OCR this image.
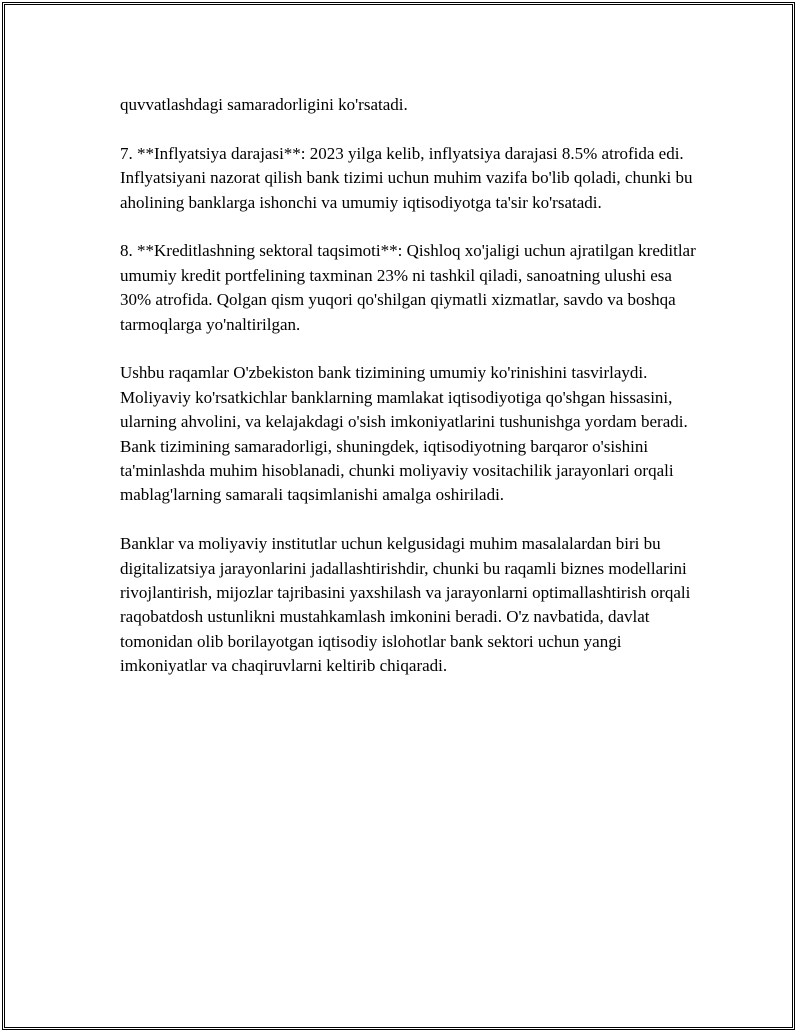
quvvatlashdagi samaradorligini ko'rsatadi.

7. **Inflyatsiya darajasi**: 2023 yilga kelib, inflyatsiya darajasi 8.5% atrofida edi. Inflyatsiyani nazorat qilish bank tizimi uchun muhim vazifa bo'lib qoladi, chunki bu aholining banklarga ishonchi va umumiy iqtisodiyotga ta'sir ko'rsatadi.

8. **Kreditlashning sektoral taqsimoti**: Qishloq xo'jaligi uchun ajratilgan kreditlar umumiy kredit portfelining taxminan 23% ni tashkil qiladi, sanoatning ulushi esa 30% atrofida. Qolgan qism yuqori qo'shilgan qiymatli xizmatlar, savdo va boshqa tarmoqlarga yo'naltirilgan.

Ushbu raqamlar O'zbekiston bank tizimining umumiy ko'rinishini tasvirlaydi. Moliyaviy ko'rsatkichlar banklarning mamlakat iqtisodiyotiga qo'shgan hissasini, ularning ahvolini, va kelajakdagi o'sish imkoniyatlarini tushunishga yordam beradi. Bank tizimining samaradorligi, shuningdek, iqtisodiyotning barqaror o'sishini ta'minlashda muhim hisoblanadi, chunki moliyaviy vositachilik jarayonlari orqali mablag'larning samarali taqsimlanishi amalga oshiriladi.

Banklar va moliyaviy institutlar uchun kelgusidagi muhim masalalardan biri bu digitalizatsiya jarayonlarini jadallashtirishdir, chunki bu raqamli biznes modellarini rivojlantirish, mijozlar tajribasini yaxshilash va jarayonlarni optimallashtirish orqali raqobatdosh ustunlikni mustahkamlash imkonini beradi. O'z navbatida, davlat tomonidan olib borilayotgan iqtisodiy islohotlar bank sektori uchun yangi imkoniyatlar va chaqiruvlarni keltirib chiqaradi.
